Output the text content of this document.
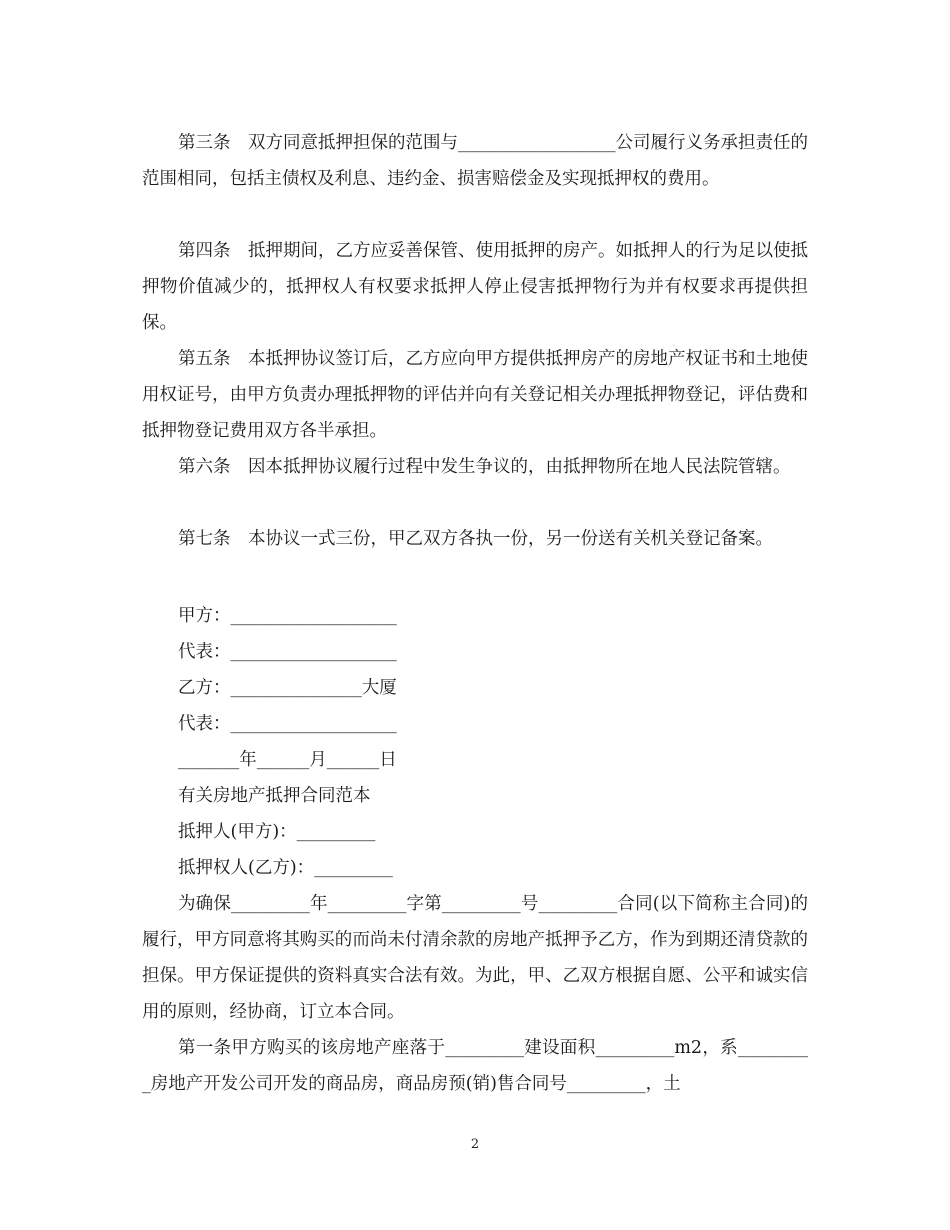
第三条　双方同意抵押担保的范围与__________________公司履行义务承担责任的范围相同，包括主债权及利息、违约金、损害赔偿金及实现抵押权的费用。

第四条　抵押期间，乙方应妥善保管、使用抵押的房产。如抵押人的行为足以使抵押物价值减少的，抵押权人有权要求抵押人停止侵害抵押物行为并有权要求再提供担保。

第五条　本抵押协议签订后，乙方应向甲方提供抵押房产的房地产权证书和土地使用权证号，由甲方负责办理抵押物的评估并向有关登记相关办理抵押物登记，评估费和抵押物登记费用双方各半承担。

第六条　因本抵押协议履行过程中发生争议的，由抵押物所在地人民法院管辖。

第七条　本协议一式三份，甲乙双方各执一份，另一份送有关机关登记备案。

甲方：___________________

代表：___________________

乙方：_______________大厦

代表：___________________

_______年______月______日

有关房地产抵押合同范本

抵押人(甲方)：_________

抵押权人(乙方)：_________

为确保_________年_________字第_________号_________合同(以下简称主合同)的履行，甲方同意将其购买的而尚未付清余款的房地产抵押予乙方，作为到期还清贷款的担保。甲方保证提供的资料真实合法有效。为此，甲、乙双方根据自愿、公平和诚实信用的原则，经协商，订立本合同。

第一条甲方购买的该房地产座落于_________建设面积_________m2，系_________房地产开发公司开发的商品房，商品房预(销)售合同号_________，土

2
